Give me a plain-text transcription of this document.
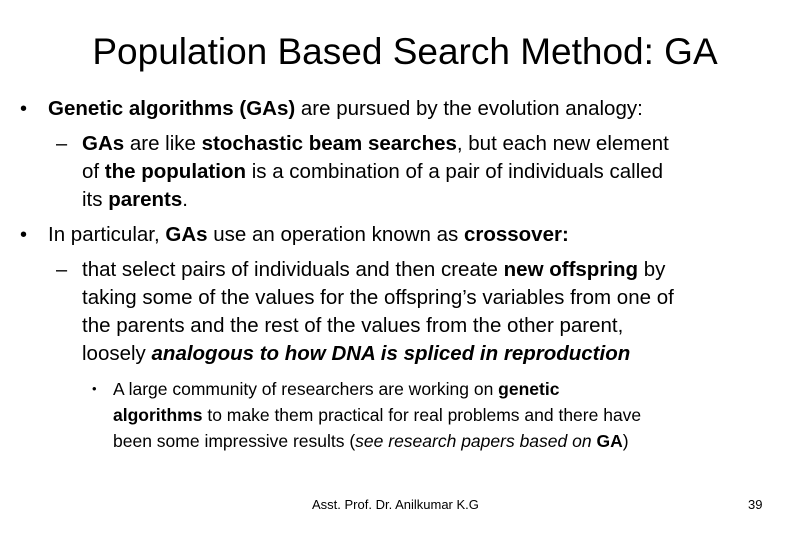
Population Based Search Method: GA
• Genetic algorithms (GAs) are pursued by the evolution analogy:
– GAs are like stochastic beam searches, but each new element
of the population is a combination of a pair of individuals called
its parents.
• In particular, GAs use an operation known as crossover:
– that select pairs of individuals and then create new offspring by
taking some of the values for the offspring’s variables from one of
the parents and the rest of the values from the other parent,
loosely analogous to how DNA is spliced in reproduction
• A large community of researchers are working on genetic
algorithms to make them practical for real problems and there have
been some impressive results (see research papers based on GA)
Asst. Prof. Dr. Anilkumar K.G	39
